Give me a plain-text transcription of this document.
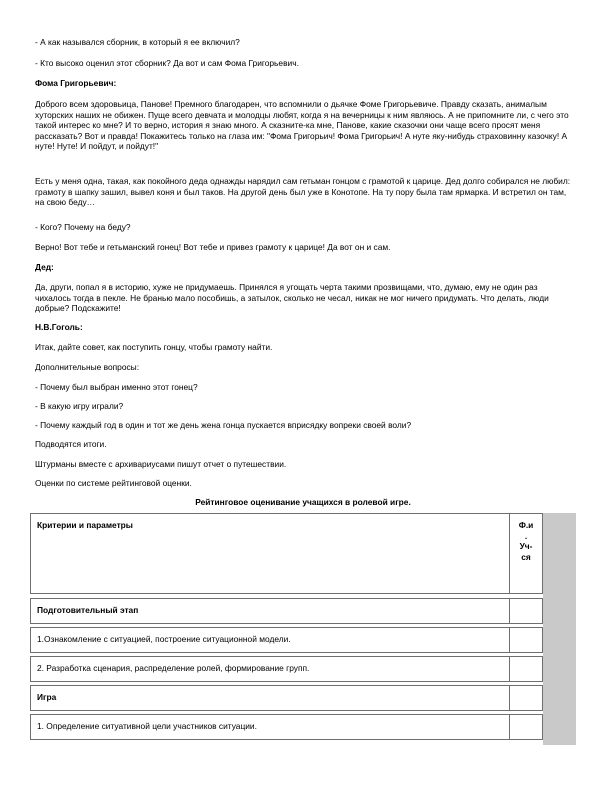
- А как назывался сборник, в который я ее включил?

- Кто высоко оценил этот сборник? Да вот и сам Фома Григорьевич.

Фома Григорьевич:

Доброго всем здоровьица, Панове! Премного благодарен, что вспомнили о дьячке Фоме Григорьевиче. Правду сказать, анималым хуторских наших не обижен. Пуще всего девчата и молодцы любят, когда я на вечерницы к ним являюсь. А не припомните ли, с чего это такой интерес ко мне? И то верно, история я знаю много. А сказните-ка мне, Панове, какие сказочки они чаще всего просят меня рассказать? Вот и правда! Покажитесь только на глаза им: "Фома Григорьич! Фома Григорьич! А нуте яку-нибудь страховинну казочку! А нуте! Нуте! И пойдут, и пойдут!"

Есть у меня одна, такая, как покойного деда однажды нарядил сам гетьман гонцом с грамотой к царице. Дед долго собирался не любил: грамоту в шапку зашил, вывел коня и был таков. На другой день был уже в Конотопе. На ту пору была там ярмарка. И встретил он там, на свою беду…

- Кого? Почему на беду?

Верно! Вот тебе и гетьманский гонец! Вот тебе и привез грамоту к царице! Да вот он и сам.

Дед:

Да, други, попал я в историю, хуже не придумаешь. Принялся я угощать черта такими прозвищами, что, думаю, ему не один раз чихалось тогда в пекле. Не бранью мало пособишь, а затылок, сколько не чесал, никак не мог ничего придумать. Что делать, люди добрые? Подскажите!

Н.В.Гоголь:

Итак, дайте совет, как поступить гонцу, чтобы грамоту найти.

Дополнительные вопросы:

- Почему был выбран именно этот гонец?

- В какую игру играли?

- Почему каждый год в один и тот же день жена гонца пускается вприсядку вопреки своей воли?

Подводятся итоги.

Штурманы вместе с архивариусами пишут отчет о путешествии.

Оценки по системе рейтинговой оценки.

Рейтинговое оценивание учащихся в ролевой игре.

Критерии и параметры	Ф.и
.
Уч-
ся
Подготовительный этап
1.Ознакомление с ситуацией, построение ситуационной модели.
2. Разработка сценария, распределение ролей, формирование групп.
Игра
1. Определение ситуативной цели участников ситуации.
